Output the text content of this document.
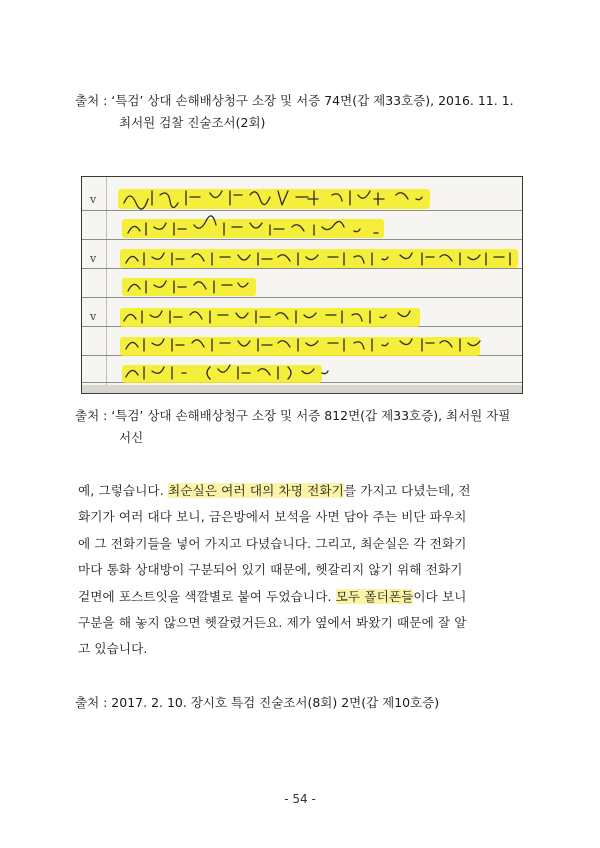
출처 : ‘특검’ 상대 손해배상청구 소장 및 서증 74면(갑 제33호증), 2016. 11. 1.
최서원 검찰 진술조서(2회)
v
v
v
출처 : ‘특검’ 상대 손해배상청구 소장 및 서증 812면(갑 제33호증), 최서원 자필
서신
예, 그렇습니다. 최순실은 여러 대의 차명 전화기를 가지고 다녔는데, 전
화기가 여러 대다 보니, 금은방에서 보석을 사면 담아 주는 비단 파우치
에 그 전화기들을 넣어 가지고 다녔습니다. 그리고, 최순실은 각 전화기
마다 통화 상대방이 구분되어 있기 때문에, 헷갈리지 않기 위해 전화기
겉면에 포스트잇을 색깔별로 붙여 두었습니다. 모두 폴더폰들이다 보니
구분을 해 놓지 않으면 헷갈렸거든요. 제가 옆에서 봐왔기 때문에 잘 알
고 있습니다.
출처 : 2017. 2. 10. 장시호 특검 진술조서(8회) 2면(갑 제10호증)
- 54 -
